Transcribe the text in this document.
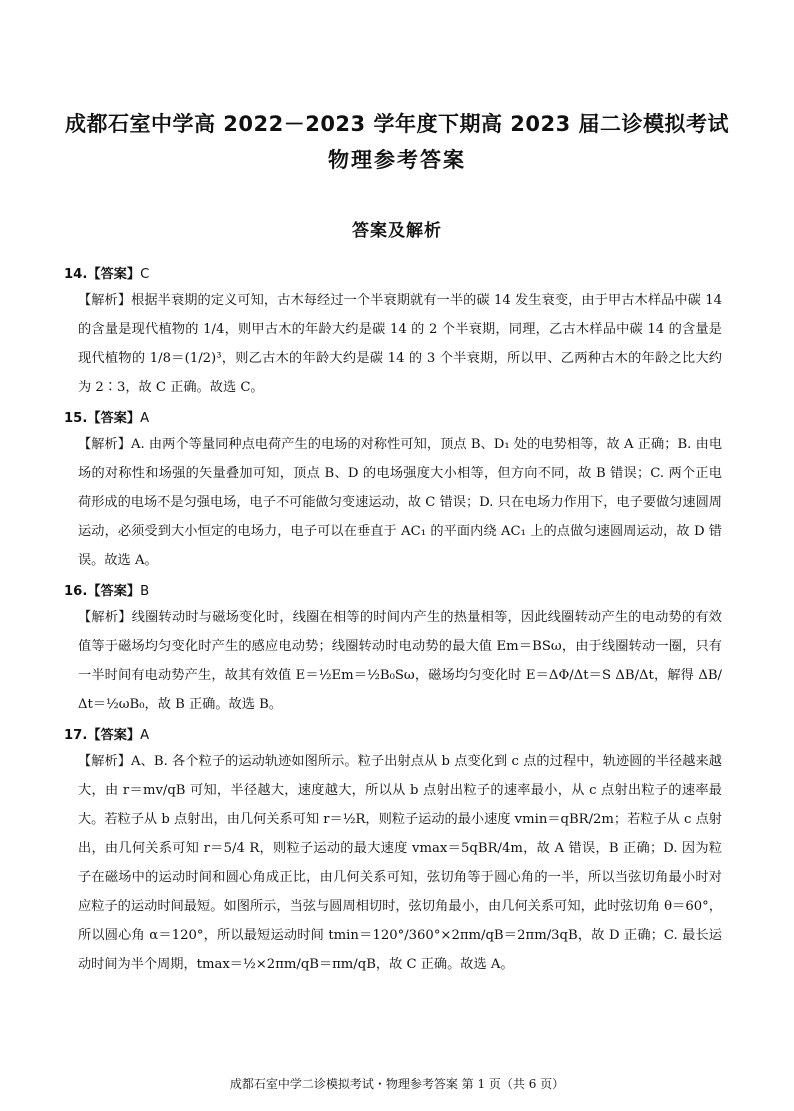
成都石室中学高 2022－2023 学年度下期高 2023 届二诊模拟考试
物理参考答案
答案及解析
14.【答案】C
【解析】根据半衰期的定义可知，古木每经过一个半衰期就有一半的碳 14 发生衰变，由于甲古木样品中碳 14 的含量是现代植物的 1/4，则甲古木的年龄大约是碳 14 的 2 个半衰期，同理，乙古木样品中碳 14 的含量是现代植物的 1/8＝(1/2)³，则乙古木的年龄大约是碳 14 的 3 个半衰期，所以甲、乙两种古木的年龄之比大约为 2∶3，故 C 正确。故选 C。
15.【答案】A
【解析】A. 由两个等量同种点电荷产生的电场的对称性可知，顶点 B、D₁ 处的电势相等，故 A 正确；B. 由电场的对称性和场强的矢量叠加可知，顶点 B、D 的电场强度大小相等，但方向不同，故 B 错误；C. 两个正电荷形成的电场不是匀强电场，电子不可能做匀变速运动，故 C 错误；D. 只在电场力作用下，电子要做匀速圆周运动，必须受到大小恒定的电场力，电子可以在垂直于 AC₁ 的平面内绕 AC₁ 上的点做匀速圆周运动，故 D 错误。故选 A。
16.【答案】B
【解析】线圈转动时与磁场变化时，线圈在相等的时间内产生的热量相等，因此线圈转动产生的电动势的有效值等于磁场均匀变化时产生的感应电动势；线圈转动时电动势的最大值 Em＝BSω，由于线圈转动一圈，只有一半时间有电动势产生，故其有效值 E＝½Em＝½B₀Sω，磁场均匀变化时 E＝ΔΦ/Δt＝S ΔB/Δt，解得 ΔB/Δt＝½ωB₀，故 B 正确。故选 B。
17.【答案】A
【解析】A、B. 各个粒子的运动轨迹如图所示。粒子出射点从 b 点变化到 c 点的过程中，轨迹圆的半径越来越大，由 r＝mv/qB 可知，半径越大，速度越大，所以从 b 点射出粒子的速率最小，从 c 点射出粒子的速率最大。若粒子从 b 点射出，由几何关系可知 r＝½R，则粒子运动的最小速度 vmin＝qBR/2m；若粒子从 c 点射出，由几何关系可知 r＝5/4 R，则粒子运动的最大速度 vmax＝5qBR/4m，故 A 错误，B 正确；D. 因为粒子在磁场中的运动时间和圆心角成正比，由几何关系可知，弦切角等于圆心角的一半，所以当弦切角最小时对应粒子的运动时间最短。如图所示，当弦与圆周相切时，弦切角最小，由几何关系可知，此时弦切角 θ＝60°，所以圆心角 α＝120°，所以最短运动时间 tmin＝120°/360°×2πm/qB＝2πm/3qB，故 D 正确；C. 最长运动时间为半个周期，tmax＝½×2πm/qB＝πm/qB，故 C 正确。故选 A。
成都石室中学二诊模拟考试・物理参考答案 第 1 页（共 6 页）
